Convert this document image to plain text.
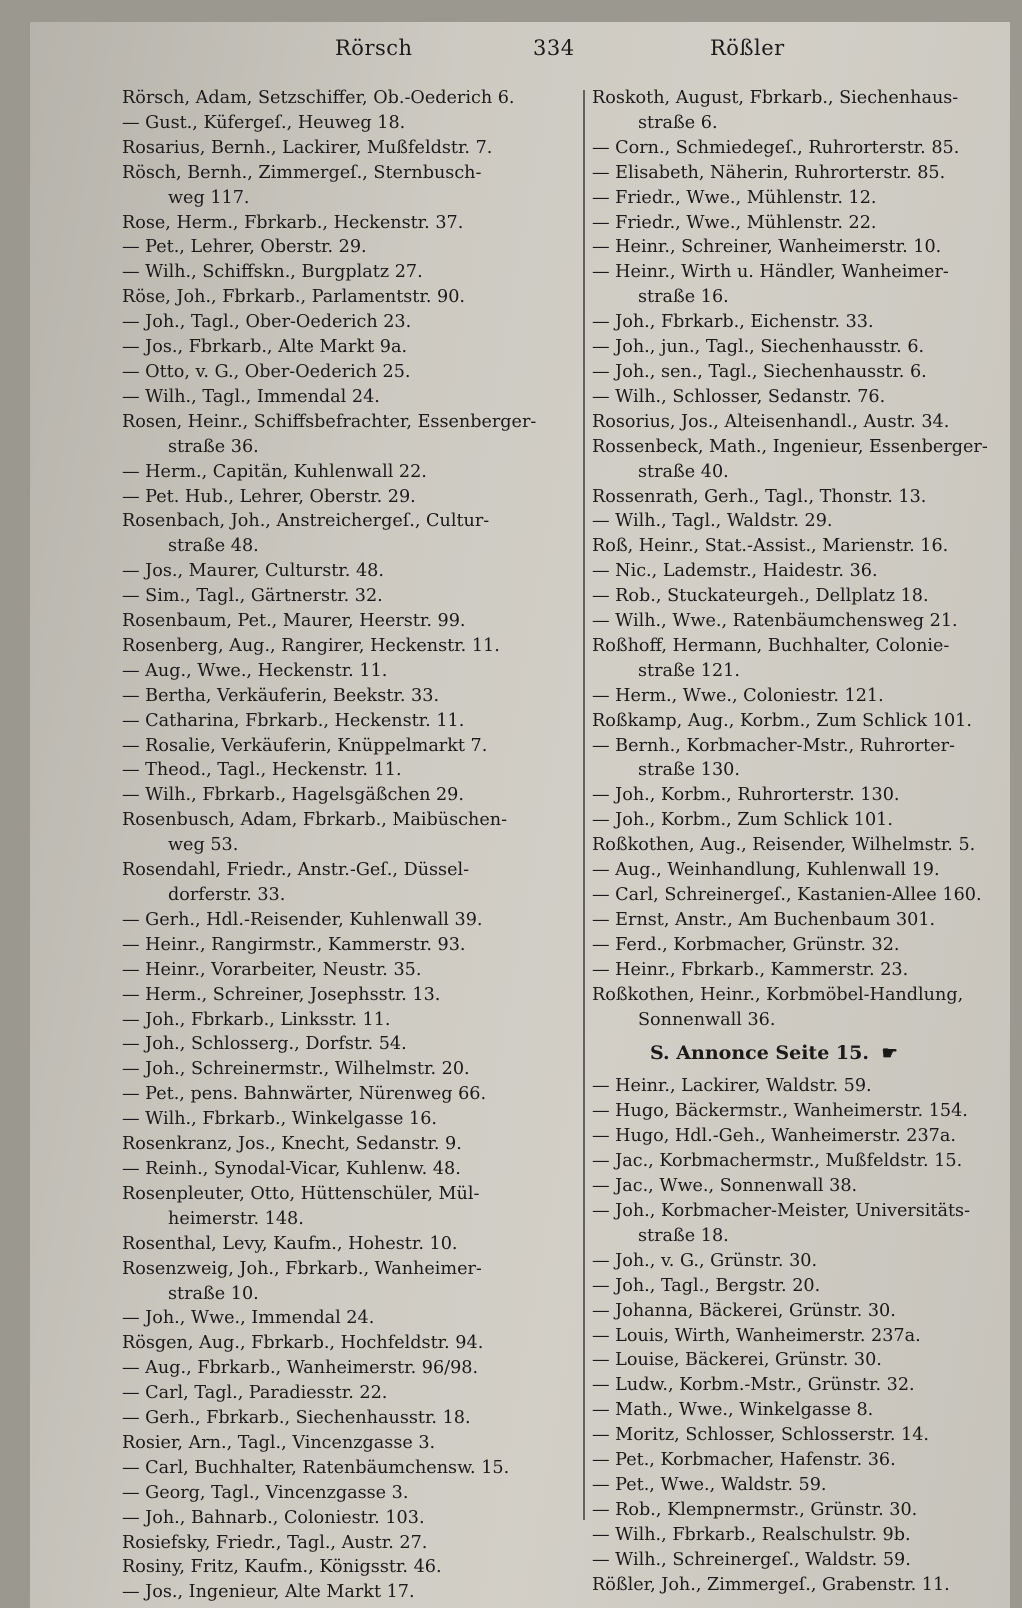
Rörsch	334	Rößler
Rörsch, Adam, Setzschiffer, Ob.-Oederich 6.
— Gust., Küfergeſ., Heuweg 18.
Rosarius, Bernh., Lackirer, Mußfeldstr. 7.
Rösch, Bernh., Zimmergeſ., Sternbusch-
weg 117.
Rose, Herm., Fbrkarb., Heckenstr. 37.
— Pet., Lehrer, Oberstr. 29.
— Wilh., Schiffskn., Burgplatz 27.
Röse, Joh., Fbrkarb., Parlamentstr. 90.
— Joh., Tagl., Ober-Oederich 23.
— Jos., Fbrkarb., Alte Markt 9a.
— Otto, v. G., Ober-Oederich 25.
— Wilh., Tagl., Immendal 24.
Rosen, Heinr., Schiffsbefrachter, Essenberger-
straße 36.
— Herm., Capitän, Kuhlenwall 22.
— Pet. Hub., Lehrer, Oberstr. 29.
Rosenbach, Joh., Anstreichergeſ., Cultur-
straße 48.
— Jos., Maurer, Culturstr. 48.
— Sim., Tagl., Gärtnerstr. 32.
Rosenbaum, Pet., Maurer, Heerstr. 99.
Rosenberg, Aug., Rangirer, Heckenstr. 11.
— Aug., Wwe., Heckenstr. 11.
— Bertha, Verkäuferin, Beekstr. 33.
— Catharina, Fbrkarb., Heckenstr. 11.
— Rosalie, Verkäuferin, Knüppelmarkt 7.
— Theod., Tagl., Heckenstr. 11.
— Wilh., Fbrkarb., Hagelsgäßchen 29.
Rosenbusch, Adam, Fbrkarb., Maibüschen-
weg 53.
Rosendahl, Friedr., Anstr.-Geſ., Düssel-
dorferstr. 33.
— Gerh., Hdl.-Reisender, Kuhlenwall 39.
— Heinr., Rangirmstr., Kammerstr. 93.
— Heinr., Vorarbeiter, Neustr. 35.
— Herm., Schreiner, Josephsstr. 13.
— Joh., Fbrkarb., Linksstr. 11.
— Joh., Schlosserg., Dorfstr. 54.
— Joh., Schreinermstr., Wilhelmstr. 20.
— Pet., pens. Bahnwärter, Nürenweg 66.
— Wilh., Fbrkarb., Winkelgasse 16.
Rosenkranz, Jos., Knecht, Sedanstr. 9.
— Reinh., Synodal-Vicar, Kuhlenw. 48.
Rosenpleuter, Otto, Hüttenschüler, Mül-
heimerstr. 148.
Rosenthal, Levy, Kaufm., Hohestr. 10.
Rosenzweig, Joh., Fbrkarb., Wanheimer-
straße 10.
— Joh., Wwe., Immendal 24.
Rösgen, Aug., Fbrkarb., Hochfeldstr. 94.
— Aug., Fbrkarb., Wanheimerstr. 96/98.
— Carl, Tagl., Paradiesstr. 22.
— Gerh., Fbrkarb., Siechenhausstr. 18.
Rosier, Arn., Tagl., Vincenzgasse 3.
— Carl, Buchhalter, Ratenbäumchensw. 15.
— Georg, Tagl., Vincenzgasse 3.
— Joh., Bahnarb., Coloniestr. 103.
Rosiefsky, Friedr., Tagl., Austr. 27.
Rosiny, Fritz, Kaufm., Königsstr. 46.
— Jos., Ingenieur, Alte Markt 17.
Roskoth, August, Fbrkarb., Siechenhaus-
straße 6.
— Corn., Schmiedegeſ., Ruhrorterstr. 85.
— Elisabeth, Näherin, Ruhrorterstr. 85.
— Friedr., Wwe., Mühlenstr. 12.
— Friedr., Wwe., Mühlenstr. 22.
— Heinr., Schreiner, Wanheimerstr. 10.
— Heinr., Wirth u. Händler, Wanheimer-
straße 16.
— Joh., Fbrkarb., Eichenstr. 33.
— Joh., jun., Tagl., Siechenhausstr. 6.
— Joh., sen., Tagl., Siechenhausstr. 6.
— Wilh., Schlosser, Sedanstr. 76.
Rosorius, Jos., Alteisenhandl., Austr. 34.
Rossenbeck, Math., Ingenieur, Essenberger-
straße 40.
Rossenrath, Gerh., Tagl., Thonstr. 13.
— Wilh., Tagl., Waldstr. 29.
Roß, Heinr., Stat.-Assist., Marienstr. 16.
— Nic., Lademstr., Haidestr. 36.
— Rob., Stuckateurgeh., Dellplatz 18.
— Wilh., Wwe., Ratenbäumchensweg 21.
Roßhoff, Hermann, Buchhalter, Colonie-
straße 121.
— Herm., Wwe., Coloniestr. 121.
Roßkamp, Aug., Korbm., Zum Schlick 101.
— Bernh., Korbmacher-Mstr., Ruhrorter-
straße 130.
— Joh., Korbm., Ruhrorterstr. 130.
— Joh., Korbm., Zum Schlick 101.
Roßkothen, Aug., Reisender, Wilhelmstr. 5.
— Aug., Weinhandlung, Kuhlenwall 19.
— Carl, Schreinergeſ., Kastanien-Allee 160.
— Ernst, Anstr., Am Buchenbaum 301.
— Ferd., Korbmacher, Grünstr. 32.
— Heinr., Fbrkarb., Kammerstr. 23.
Roßkothen, Heinr., Korbmöbel-Handlung,
Sonnenwall 36.
S. Annonce Seite 15. ☛
— Heinr., Lackirer, Waldstr. 59.
— Hugo, Bäckermstr., Wanheimerstr. 154.
— Hugo, Hdl.-Geh., Wanheimerstr. 237a.
— Jac., Korbmachermstr., Mußfeldstr. 15.
— Jac., Wwe., Sonnenwall 38.
— Joh., Korbmacher-Meister, Universitäts-
straße 18.
— Joh., v. G., Grünstr. 30.
— Joh., Tagl., Bergstr. 20.
— Johanna, Bäckerei, Grünstr. 30.
— Louis, Wirth, Wanheimerstr. 237a.
— Louise, Bäckerei, Grünstr. 30.
— Ludw., Korbm.-Mstr., Grünstr. 32.
— Math., Wwe., Winkelgasse 8.
— Moritz, Schlosser, Schlosserstr. 14.
— Pet., Korbmacher, Hafenstr. 36.
— Pet., Wwe., Waldstr. 59.
— Rob., Klempnermstr., Grünstr. 30.
— Wilh., Fbrkarb., Realschulstr. 9b.
— Wilh., Schreinergeſ., Waldstr. 59.
Rößler, Joh., Zimmergeſ., Grabenstr. 11.
